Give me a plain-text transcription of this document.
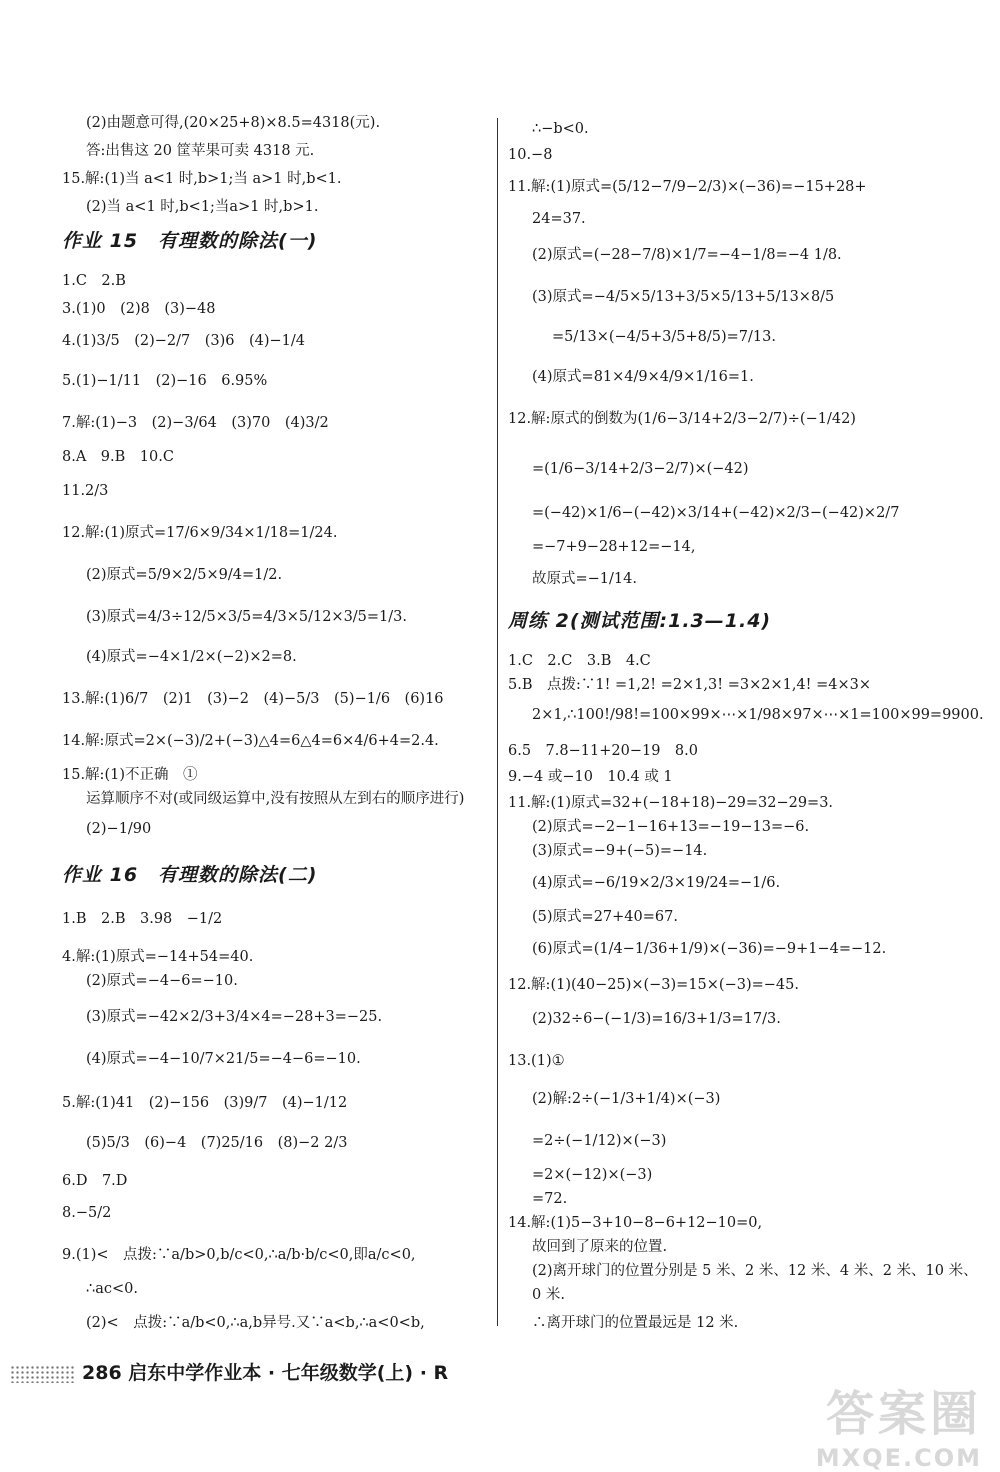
(2)由题意可得,(20×25+8)×8.5=4318(元).
答:出售这 20 筐苹果可卖 4318 元.
15.解:(1)当 a<1 时,b>1;当 a>1 时,b<1.
(2)当 a<1 时,b<1;当a>1 时,b>1.
作业 15　有理数的除法(一)
1.C　2.B
3.(1)0　(2)8　(3)−48
4.(1)3/5　(2)−2/7　(3)6　(4)−1/4
5.(1)−1/11　(2)−16　6.95%
7.解:(1)−3　(2)−3/64　(3)70　(4)3/2
8.A　9.B　10.C
11.2/3
12.解:(1)原式=17/6×9/34×1/18=1/24.
(2)原式=5/9×2/5×9/4=1/2.
(3)原式=4/3÷12/5×3/5=4/3×5/12×3/5=1/3.
(4)原式=−4×1/2×(−2)×2=8.
13.解:(1)6/7　(2)1　(3)−2　(4)−5/3　(5)−1/6　(6)16
14.解:原式=2×(−3)/2+(−3)△4=6△4=6×4/6+4=2.4.
15.解:(1)不正确　①
运算顺序不对(或同级运算中,没有按照从左到右的顺序进行)
(2)−1/90
作业 16　有理数的除法(二)
1.B　2.B　3.98　−1/2
4.解:(1)原式=−14+54=40.
(2)原式=−4−6=−10.
(3)原式=−42×2/3+3/4×4=−28+3=−25.
(4)原式=−4−10/7×21/5=−4−6=−10.
5.解:(1)41　(2)−156　(3)9/7　(4)−1/12
(5)5/3　(6)−4　(7)25/16　(8)−2 2/3
6.D　7.D
8.−5/2
9.(1)<　点拨:∵a/b>0,b/c<0,∴a/b·b/c<0,即a/c<0,
∴ac<0.
(2)<　点拨:∵a/b<0,∴a,b异号.又∵a<b,∴a<0<b,
∴−b<0.
10.−8
11.解:(1)原式=(5/12−7/9−2/3)×(−36)=−15+28+
24=37.
(2)原式=(−28−7/8)×1/7=−4−1/8=−4 1/8.
(3)原式=−4/5×5/13+3/5×5/13+5/13×8/5
=5/13×(−4/5+3/5+8/5)=7/13.
(4)原式=81×4/9×4/9×1/16=1.
12.解:原式的倒数为(1/6−3/14+2/3−2/7)÷(−1/42)
=(1/6−3/14+2/3−2/7)×(−42)
=(−42)×1/6−(−42)×3/14+(−42)×2/3−(−42)×2/7
=−7+9−28+12=−14,
故原式=−1/14.
周练 2(测试范围:1.3—1.4)
1.C　2.C　3.B　4.C
5.B　点拨:∵1! =1,2! =2×1,3! =3×2×1,4! =4×3×
2×1,∴100!/98!=100×99×⋯×1/98×97×⋯×1=100×99=9900.
6.5　7.8−11+20−19　8.0
9.−4 或−10　10.4 或 1
11.解:(1)原式=32+(−18+18)−29=32−29=3.
(2)原式=−2−1−16+13=−19−13=−6.
(3)原式=−9+(−5)=−14.
(4)原式=−6/19×2/3×19/24=−1/6.
(5)原式=27+40=67.
(6)原式=(1/4−1/36+1/9)×(−36)=−9+1−4=−12.
12.解:(1)(40−25)×(−3)=15×(−3)=−45.
(2)32÷6−(−1/3)=16/3+1/3=17/3.
13.(1)①
(2)解:2÷(−1/3+1/4)×(−3)
=2÷(−1/12)×(−3)
=2×(−12)×(−3)
=72.
14.解:(1)5−3+10−8−6+12−10=0,
故回到了原来的位置.
(2)离开球门的位置分别是 5 米、2 米、12 米、4 米、2 米、10 米、
0 米.
∴离开球门的位置最远是 12 米.
286 启东中学作业本 · 七年级数学(上) · R
答案圈
MXQE.COM
